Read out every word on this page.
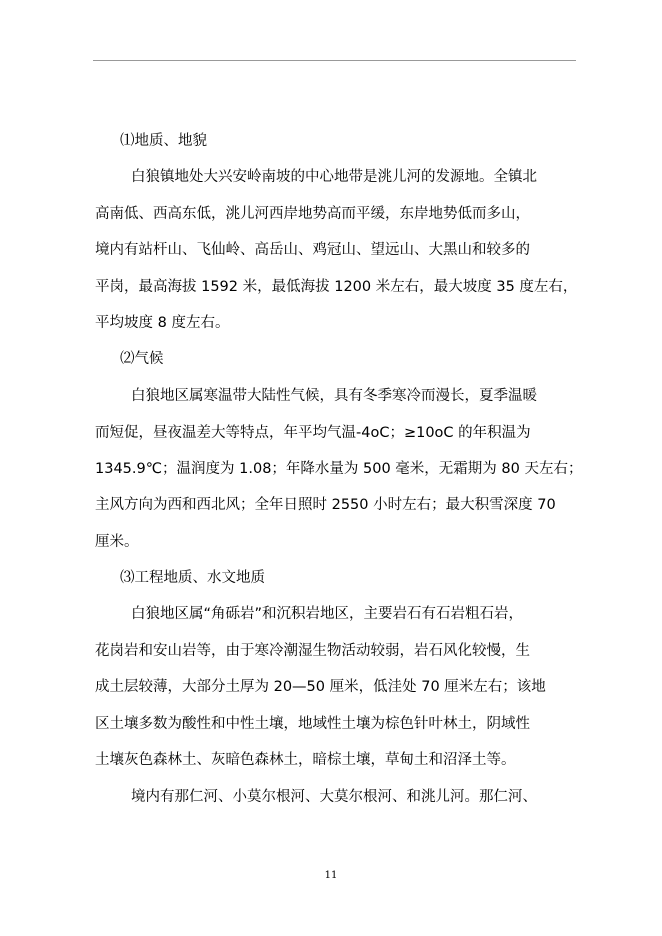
⑴地质、地貌
白狼镇地处大兴安岭南坡的中心地带是洮儿河的发源地。全镇北
高南低、西高东低，洮儿河西岸地势高而平缓，东岸地势低而多山，
境内有站杆山、飞仙岭、高岳山、鸡冠山、望远山、大黑山和较多的
平岗，最高海拔 1592 米，最低海拔 1200 米左右，最大坡度 35 度左右，
平均坡度 8 度左右。
⑵气候
白狼地区属寒温带大陆性气候，具有冬季寒冷而漫长，夏季温暖
而短促，昼夜温差大等特点，年平均气温-4oC；≥10oC 的年积温为
1345.9℃；温润度为 1.08；年降水量为 500 毫米，无霜期为 80 天左右；
主风方向为西和西北风；全年日照时 2550 小时左右；最大积雪深度 70
厘米。
⑶工程地质、水文地质
白狼地区属“角砾岩”和沉积岩地区，主要岩石有石岩粗石岩，
花岗岩和安山岩等，由于寒冷潮湿生物活动较弱，岩石风化较慢，生
成土层较薄，大部分土厚为 20—50 厘米，低洼处 70 厘米左右；该地
区土壤多数为酸性和中性土壤，地域性土壤为棕色针叶林土，阴域性
土壤灰色森林土、灰暗色森林土，暗棕土壤，草甸土和沼泽土等。
境内有那仁河、小莫尔根河、大莫尔根河、和洮儿河。那仁河、
11
